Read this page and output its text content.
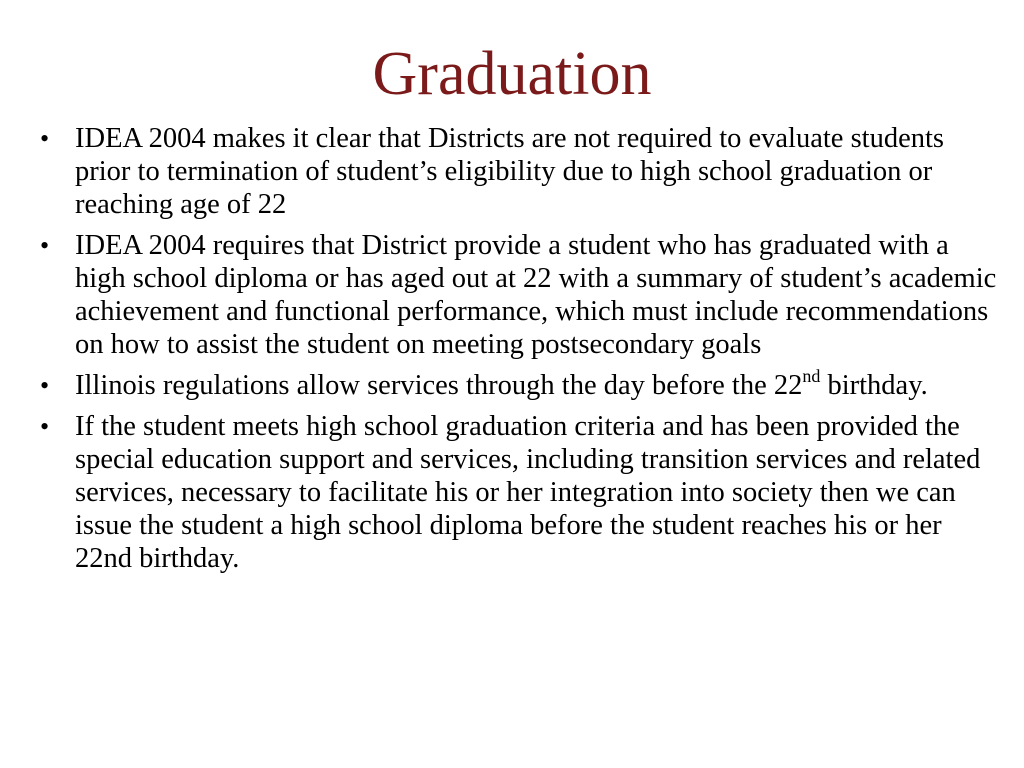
Graduation
• IDEA 2004 makes it clear that Districts are not required to evaluate students prior to termination of student’s eligibility due to high school graduation or reaching age of 22
• IDEA 2004 requires that District provide a student who has graduated with a high school diploma or has aged out at 22 with a summary of student’s academic achievement and functional performance, which must include recommendations on how to assist the student on meeting postsecondary goals
• Illinois regulations allow services through the day before the 22nd birthday.
• If the student meets high school graduation criteria and has been provided the special education support and services, including transition services and related services, necessary to facilitate his or her integration into society then we can issue the student a high school diploma before the student reaches his or her 22nd birthday.
